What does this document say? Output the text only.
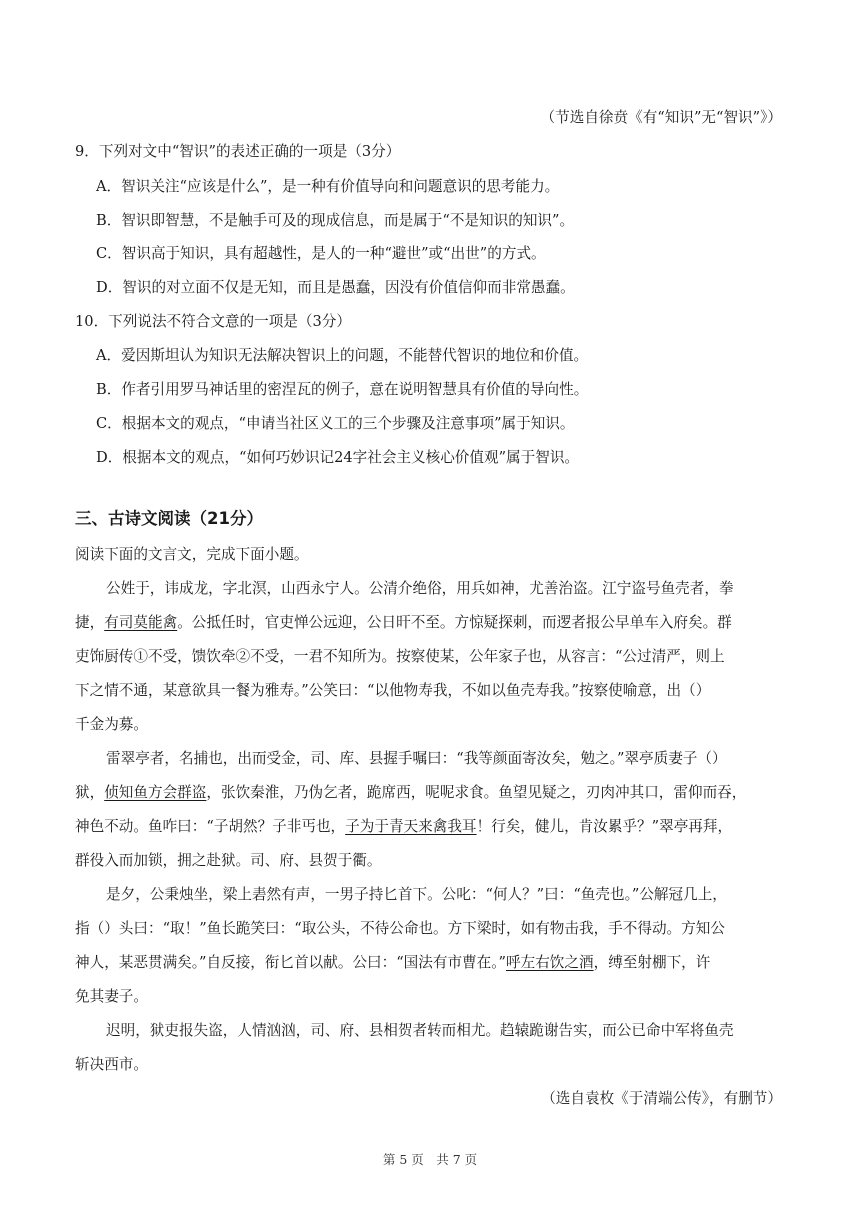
（节选自徐贲《有“知识”无“智识”》）
9．下列对文中“智识”的表述正确的一项是（3分）
A．智识关注“应该是什么”，是一种有价值导向和问题意识的思考能力。
B．智识即智慧，不是触手可及的现成信息，而是属于“不是知识的知识”。
C．智识高于知识，具有超越性，是人的一种“避世”或“出世”的方式。
D．智识的对立面不仅是无知，而且是愚蠢，因没有价值信仰而非常愚蠢。
10．下列说法不符合文意的一项是（3分）
A．爱因斯坦认为知识无法解决智识上的问题，不能替代智识的地位和价值。
B．作者引用罗马神话里的密涅瓦的例子，意在说明智慧具有价值的导向性。
C．根据本文的观点，“申请当社区义工的三个步骤及注意事项”属于知识。
D．根据本文的观点，“如何巧妙识记24字社会主义核心价值观”属于智识。
三、古诗文阅读（21分）
阅读下面的文言文，完成下面小题。
公姓于，讳成龙，字北溟，山西永宁人。公清介绝俗，用兵如神，尤善治盗。江宁盗号鱼壳者，拳
捷，有司莫能禽。公抵任时，官吏惮公远迎，公日旰不至。方惊疑探刺，而逻者报公早单车入府矣。群
吏饰厨传①不受，馈饮牵②不受，一君不知所为。按察使某，公年家子也，从容言：“公过清严，则上
下之情不通，某意欲具一餐为雅寿。”公笑曰：“以他物寿我，不如以鱼壳寿我。”按察使喻意，出（）
千金为募。
雷翠亭者，名捕也，出而受金，司、库、县握手嘱曰：“我等颜面寄汝矣，勉之。”翠亭质妻子（）
狱，侦知鱼方会群盗，张饮秦淮，乃伪乞者，跪席西，呢呢求食。鱼望见疑之，刃肉冲其口，雷仰而吞，
神色不动。鱼咋曰：“子胡然？子非丐也，子为于青天来禽我耳！行矣，健儿，肯汝累乎？”翠亭再拜，
群役入而加锁，拥之赴狱。司、府、县贺于衢。
是夕，公秉烛坐，梁上砉然有声，一男子持匕首下。公叱：“何人？”曰：“鱼壳也。”公解冠几上，
指（）头曰：“取！”鱼长跪笑曰：“取公头，不待公命也。方下梁时，如有物击我，手不得动。方知公
神人，某恶贯满矣。”自反接，衔匕首以献。公曰：“国法有市曹在。”呼左右饮之酒，缚至射棚下，许
免其妻子。
迟明，狱吏报失盗，人情汹汹，司、府、县相贺者转而相尤。趋辕跪谢告实，而公已命中军将鱼壳
斩决西市。
（选自袁枚《于清端公传》，有删节）
第 5 页　共 7 页
